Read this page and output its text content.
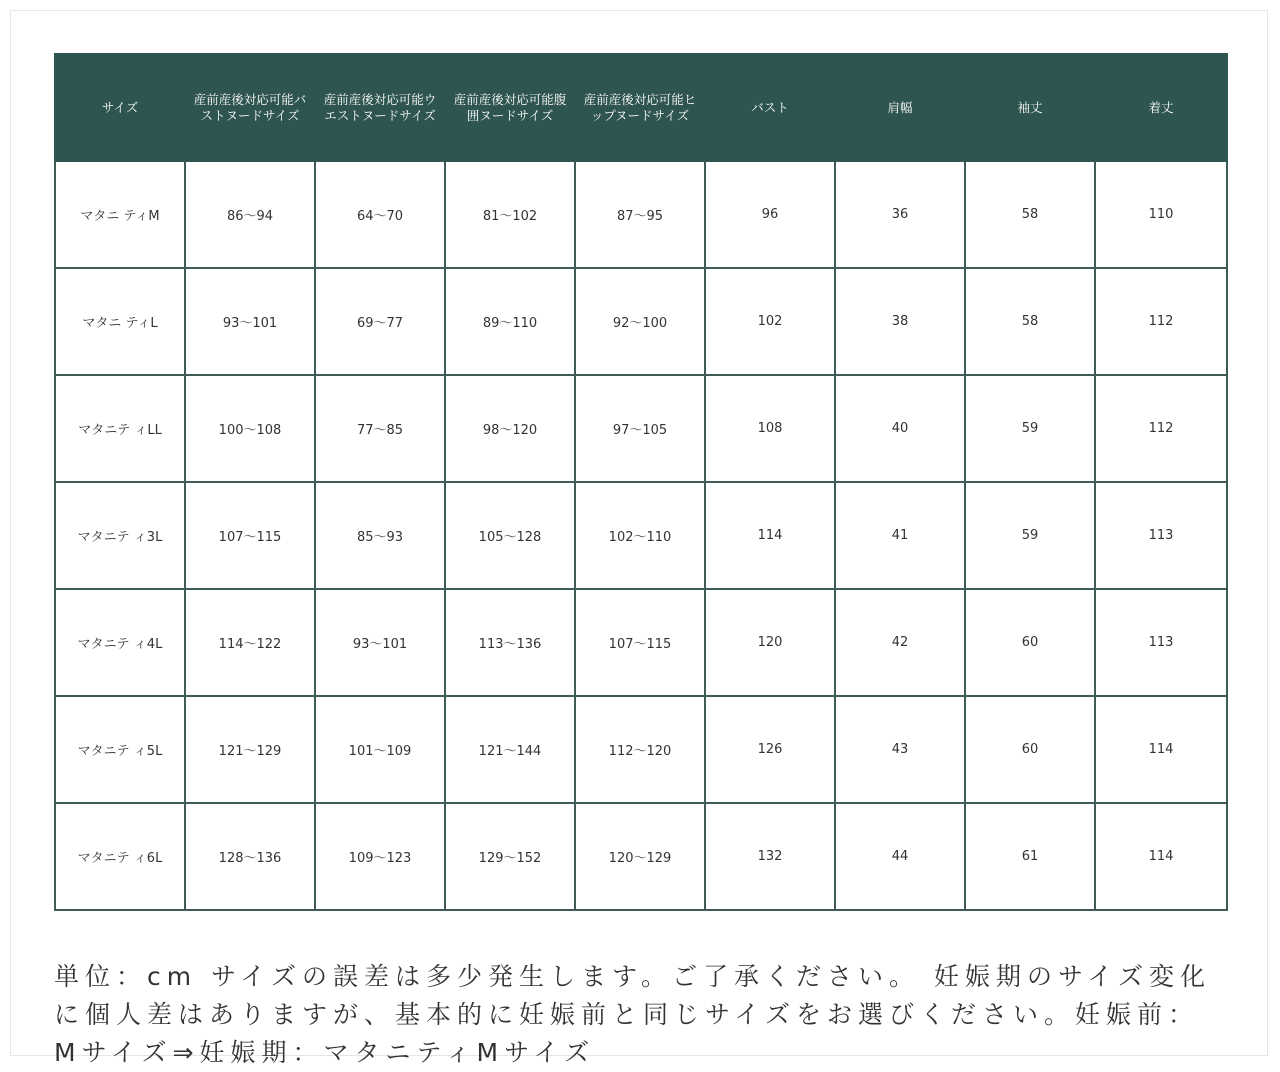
サイズ	産前産後対応可能バストヌードサイズ	産前産後対応可能ウエストヌードサイズ	産前産後対応可能腹囲ヌードサイズ	産前産後対応可能ヒップヌードサイズ	バスト	肩幅	袖丈	着丈
マタニ ティM	86～94	64～70	81～102	87～95	96	36	58	110
マタニ ティL	93～101	69～77	89～110	92～100	102	38	58	112
マタニテ ィLL	100～108	77～85	98～120	97～105	108	40	59	112
マタニテ ィ3L	107～115	85～93	105～128	102～110	114	41	59	113
マタニテ ィ4L	114～122	93～101	113～136	107～115	120	42	60	113
マタニテ ィ5L	121～129	101～109	121～144	112～120	126	43	60	114
マタニテ ィ6L	128～136	109～123	129～152	120～129	132	44	61	114

単位：cm サイズの誤差は多少発生します。ご了承ください。 妊娠期のサイズ変化に個人差はありますが、基本的に妊娠前と同じサイズをお選びください。妊娠前：Mサイズ⇒妊娠期：マタニティMサイズ
